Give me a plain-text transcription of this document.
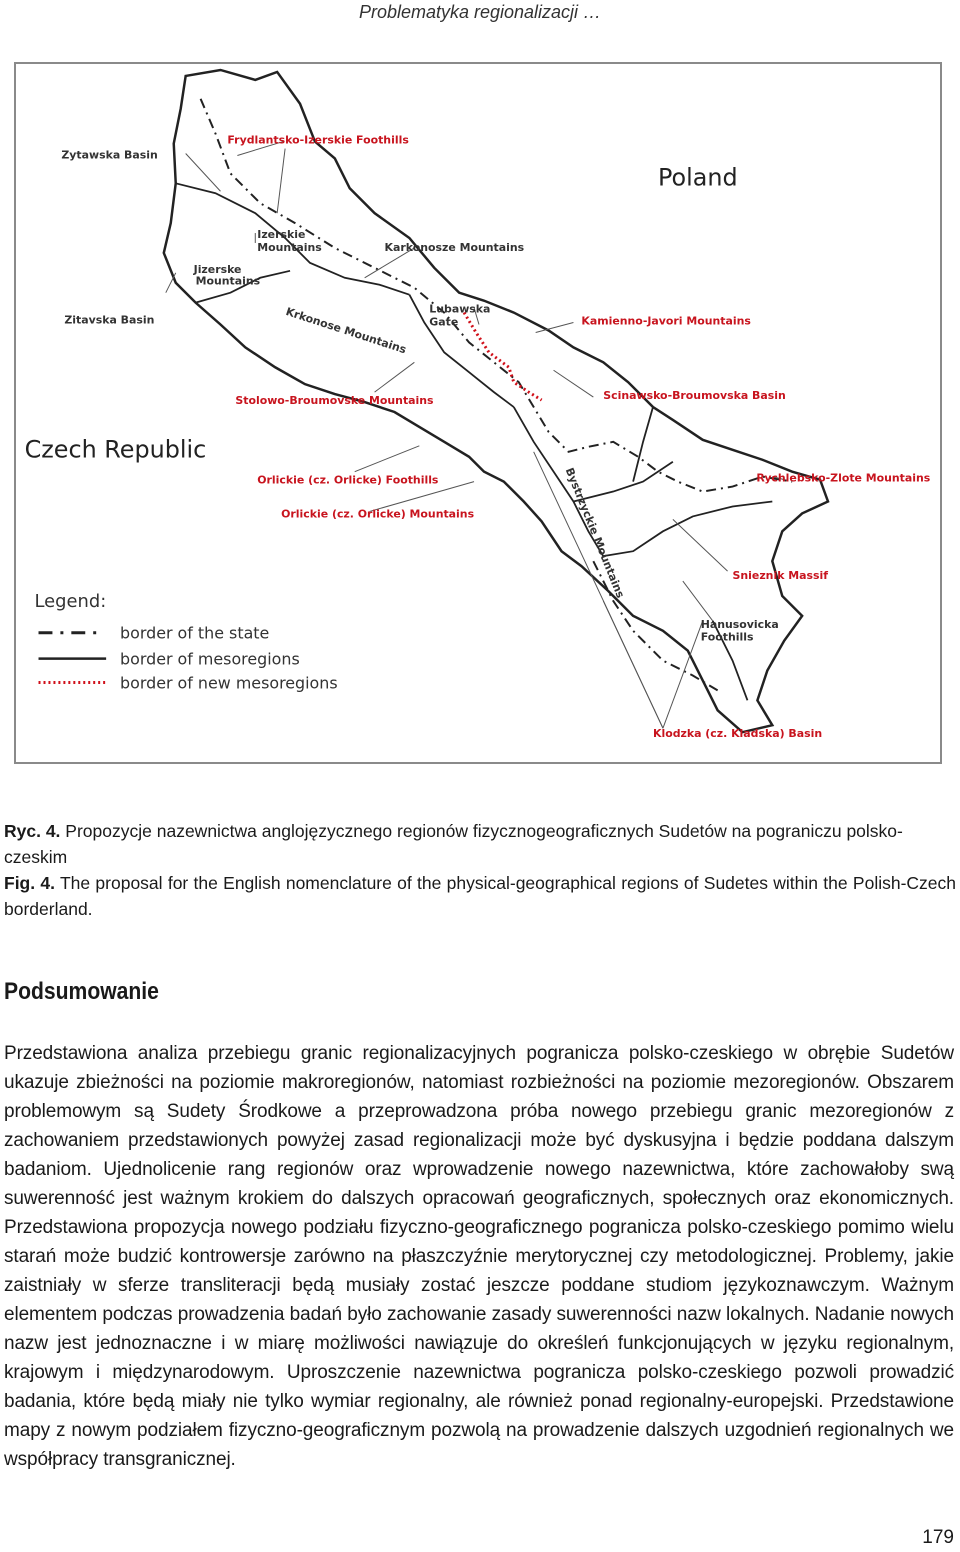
Problematyka regionalizacji …
Poland
Czech Republic
Zytawska Basin
Frydlantsko-Izerskie Foothills
Izerskie
Mountains	Karkonosze Mountains
Jizerske
Mountains
Zitavska Basin	Krkonose Mountains Lubawska
Gate	Kamienno-Javori Mountains
Stolowo-Broumovske Mountains	Scinawsko-Broumovska Basin
Orlickie (cz. Orlicke) Foothills
Orlickie (cz. Orlicke) Mountains	Bystrzyckie Mountains	Rychlebsko-Zlote Mountains
Snieznik Massif
Hanusovicka
Foothills
Klodzka (cz. Kladska) Basin
Legend:
border of the state
border of mesoregions
border of new mesoregions
Ryc. 4. Propozycje nazewnictwa anglojęzycznego regionów fizycznogeograficznych Sudetów na pograniczu polsko-czeskim
Fig. 4. The proposal for the English nomenclature of the physical-geographical regions of Sudetes within the Polish-Czech borderland.
Podsumowanie
Przedstawiona analiza przebiegu granic regionalizacyjnych pogranicza polsko-czeskiego w obrębie Sudetów ukazuje zbieżności na poziomie makroregionów, natomiast rozbieżności na poziomie mezoregionów. Obszarem problemowym są Sudety Środkowe a przeprowadzona próba nowego przebiegu granic mezoregionów z zachowaniem przedstawionych powyżej zasad regionalizacji może być dyskusyjna i będzie poddana dalszym badaniom. Ujednolicenie rang regionów oraz wprowadzenie nowego nazewnictwa, które zachowałoby swą suwerenność jest ważnym krokiem do dalszych opracowań geograficznych, społecznych oraz ekonomicznych. Przedstawiona propozycja nowego podziału fizyczno-geograficznego pogranicza polsko-czeskiego pomimo wielu starań może budzić kontrowersje zarówno na płaszczyźnie merytorycznej czy metodologicznej. Problemy, jakie zaistniały w sferze transliteracji będą musiały zostać jeszcze poddane studiom językoznawczym. Ważnym elementem podczas prowadzenia badań było zachowanie zasady suwerenności nazw lokalnych. Nadanie nowych nazw jest jednoznaczne i w miarę możliwości nawiązuje do określeń funkcjonujących w języku regionalnym, krajowym i międzynarodowym. Uproszczenie nazewnictwa pogranicza polsko-czeskiego pozwoli prowadzić badania, które będą miały nie tylko wymiar regionalny, ale również ponad regionalny-europejski. Przedstawione mapy z nowym podziałem fizyczno-geograficznym pozwolą na prowadzenie dalszych uzgodnień regionalnych we współpracy transgranicznej.
179
